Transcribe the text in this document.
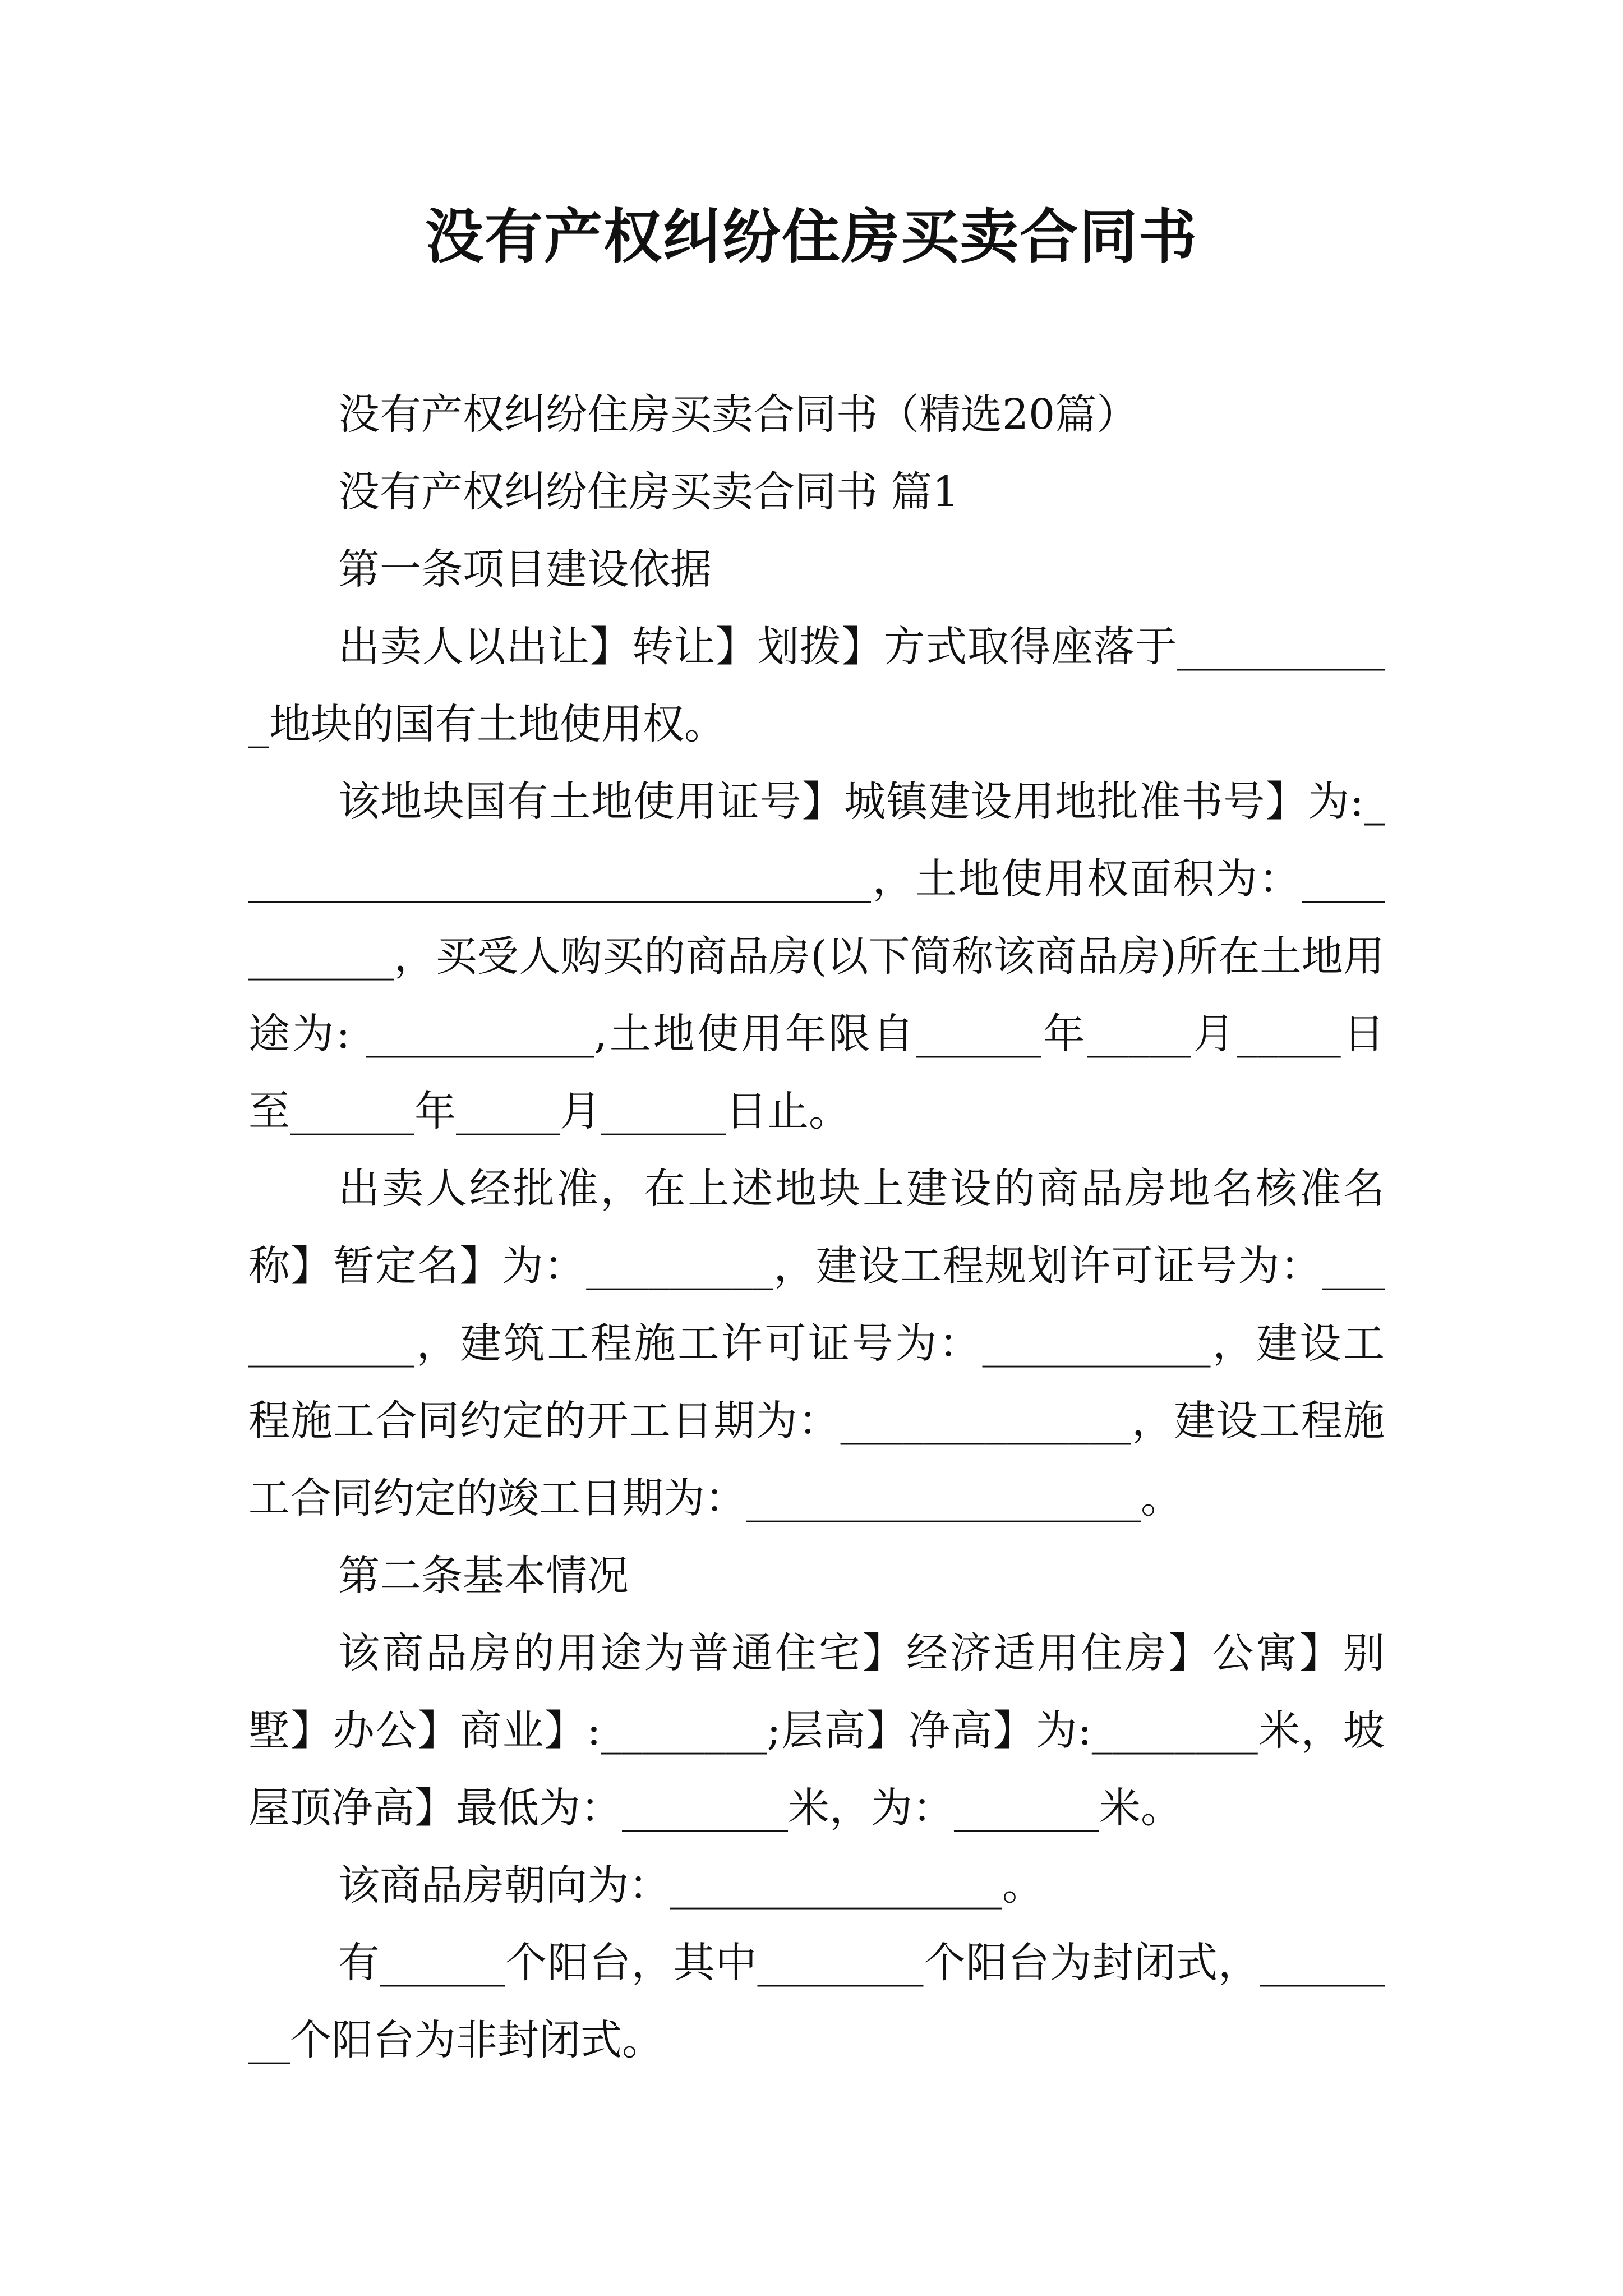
没有产权纠纷住房买卖合同书

没有产权纠纷住房买卖合同书（精选20篇）

没有产权纠纷住房买卖合同书 篇1

第一条项目建设依据

出卖人以出让】转让】划拨】方式取得座落于___________地块的国有土地使用权。

该地块国有土地使用证号】城镇建设用地批准书号】为:_______________________________，土地使用权面积为：___________，买受人购买的商品房(以下简称该商品房)所在土地用途为: ___________,土地使用年限自______年_____月_____日至______年_____月______日止。

出卖人经批准，在上述地块上建设的商品房地名核准名称】暂定名】为：_________，建设工程规划许可证号为：___________，建筑工程施工许可证号为：___________，建设工程施工合同约定的开工日期为：______________，建设工程施工合同约定的竣工日期为：___________________。

第二条基本情况

该商品房的用途为普通住宅】经济适用住房】公寓】别墅】办公】商业】:________;层高】净高】为:________米，坡屋顶净高】最低为：________米，为：_______米。

该商品房朝向为：________________。

有______个阳台，其中________个阳台为封闭式，________个阳台为非封闭式。
